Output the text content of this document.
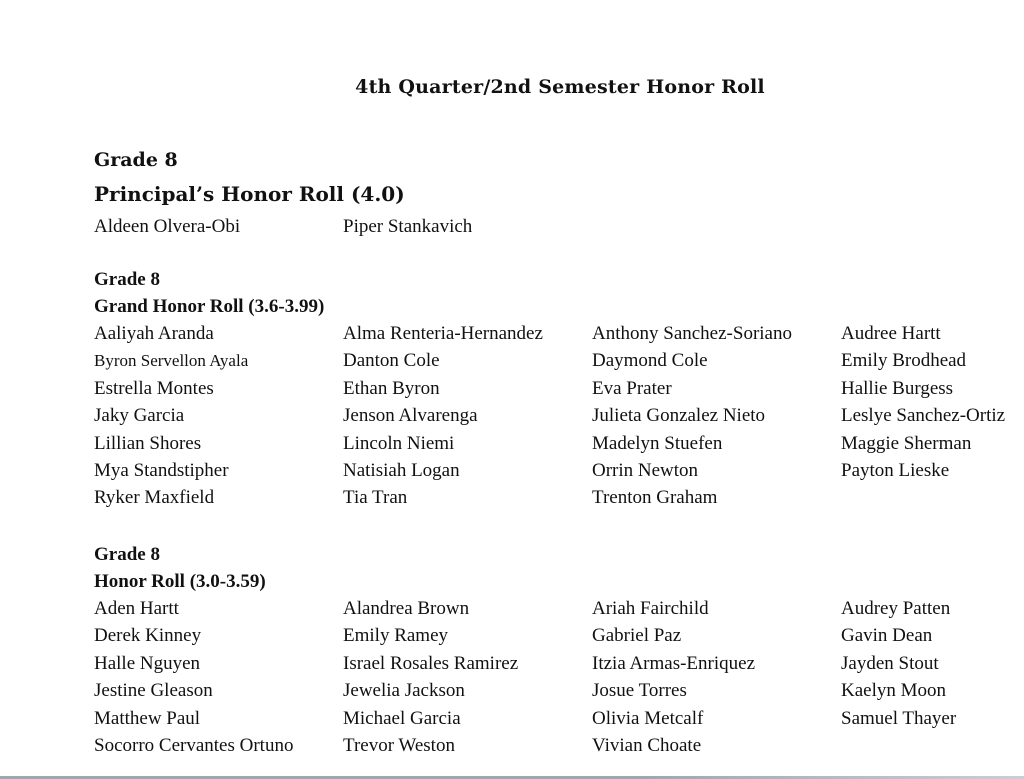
4th Quarter/2nd Semester Honor Roll
Grade 8
Principal’s Honor Roll (4.0)
Aldeen Olvera-Obi	Piper Stankavich
Grade 8
Grand Honor Roll (3.6-3.99)
Aaliyah Aranda	Alma Renteria-Hernandez	Anthony Sanchez-Soriano	Audree Hartt
Byron Servellon Ayala	Danton Cole	Daymond Cole	Emily Brodhead
Estrella Montes	Ethan Byron	Eva Prater	Hallie Burgess
Jaky Garcia	Jenson Alvarenga	Julieta Gonzalez Nieto	Leslye Sanchez-Ortiz
Lillian Shores	Lincoln Niemi	Madelyn Stuefen	Maggie Sherman
Mya Standstipher	Natisiah Logan	Orrin Newton	Payton Lieske
Ryker Maxfield	Tia Tran	Trenton Graham
Grade 8
Honor Roll (3.0-3.59)
Aden Hartt	Alandrea Brown	Ariah Fairchild	Audrey Patten
Derek Kinney	Emily Ramey	Gabriel Paz	Gavin Dean
Halle Nguyen	Israel Rosales Ramirez	Itzia Armas-Enriquez	Jayden Stout
Jestine Gleason	Jewelia Jackson	Josue Torres	Kaelyn Moon
Matthew Paul	Michael Garcia	Olivia Metcalf	Samuel Thayer
Socorro Cervantes Ortuno	Trevor Weston	Vivian Choate
